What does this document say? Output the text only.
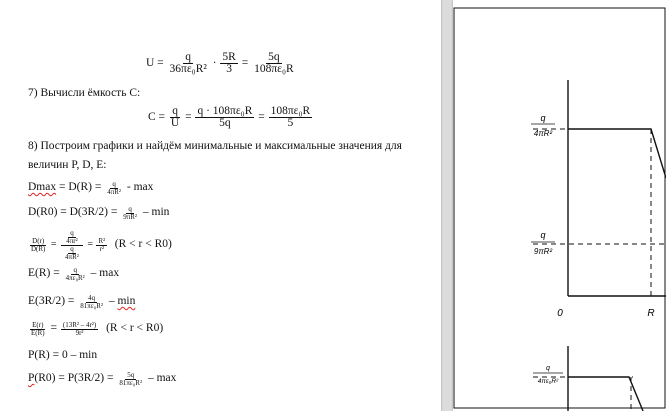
$U = \frac{q}{\text{36πε₀R²}} \cdot \frac{5R}{3} = \frac{5q}{\text{108πε₀R}}$
7) Вычисли ёмкость С:
$C = \frac{q}{U} = \frac{\text{q · 108πε₀R}}{5q} = \frac{\text{108πε₀R}}{5}$
8) Построим графики и найдём минимальные и максимальные значения для
величин P, D, E:
$Dmax = D(R) = \frac{q}{\text{4πR²}} - \max$
$D(R0) = D(3R/2) = \frac{q}{\text{9πR²}} - \min$
$\frac{D(r)}{D(R)} = \frac{\frac{q}{\text{4πr²}}}{\frac{q}{\text{4πR²}}} = \frac{\text{R²}}{\text{r²}} (R < r < R0)$
$E(R) = \frac{q}{\text{4πε₀R²}} - \max$
$E(3R/2) = \frac{4q}{\text{81πε₀R²}} - \min$
$\frac{E(r)}{E(R)} = \frac{\text{(13R² – 4r²)}}{\text{9r²}} (R < r < R0)$
P(R) = 0 – min
$P(R0) = P(3R/2) = \frac{5q}{\text{81πε₀R²}} - \max$
q
4πR²
q
9πR²
0	R
q
4πε₀R²
